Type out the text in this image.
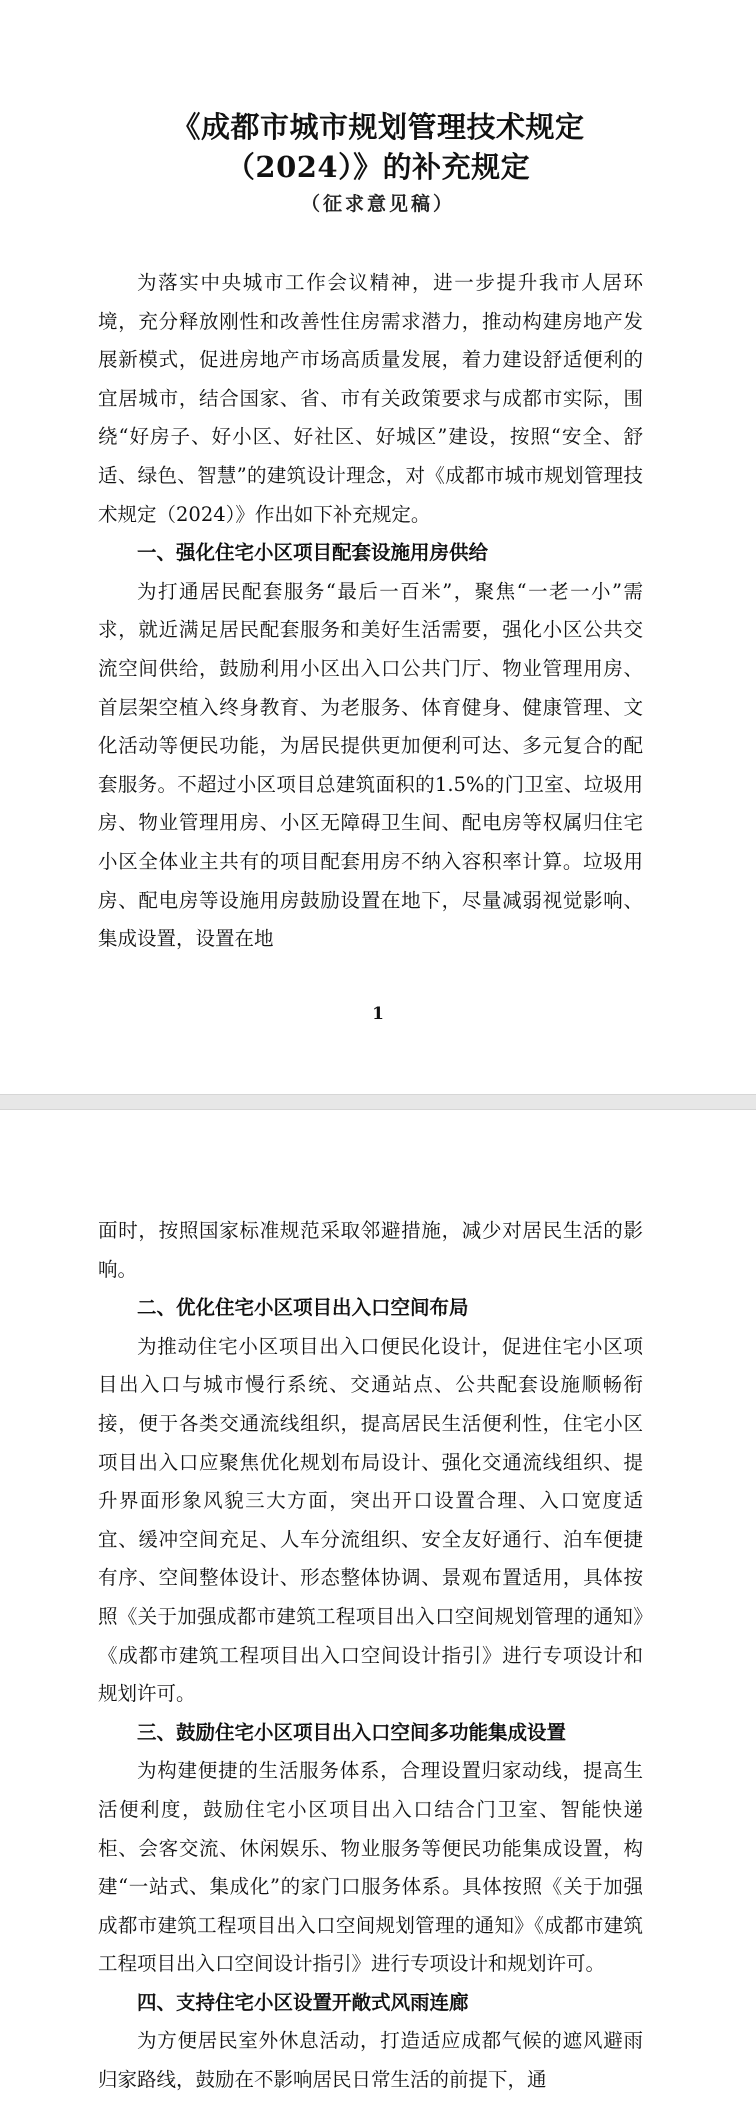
《成都市城市规划管理技术规定
（2024）》的补充规定
（征求意见稿）

为落实中央城市工作会议精神，进一步提升我市人居环境，充分释放刚性和改善性住房需求潜力，推动构建房地产发展新模式，促进房地产市场高质量发展，着力建设舒适便利的宜居城市，结合国家、省、市有关政策要求与成都市实际，围绕“好房子、好小区、好社区、好城区”建设，按照“安全、舒适、绿色、智慧”的建筑设计理念，对《成都市城市规划管理技术规定（2024）》作出如下补充规定。

一、强化住宅小区项目配套设施用房供给

为打通居民配套服务“最后一百米”，聚焦“一老一小”需求，就近满足居民配套服务和美好生活需要，强化小区公共交流空间供给，鼓励利用小区出入口公共门厅、物业管理用房、首层架空植入终身教育、为老服务、体育健身、健康管理、文化活动等便民功能，为居民提供更加便利可达、多元复合的配套服务。不超过小区项目总建筑面积的1.5%的门卫室、垃圾用房、物业管理用房、小区无障碍卫生间、配电房等权属归住宅小区全体业主共有的项目配套用房不纳入容积率计算。垃圾用房、配电房等设施用房鼓励设置在地下，尽量减弱视觉影响、集成设置，设置在地

1

面时，按照国家标准规范采取邻避措施，减少对居民生活的影响。

二、优化住宅小区项目出入口空间布局

为推动住宅小区项目出入口便民化设计，促进住宅小区项目出入口与城市慢行系统、交通站点、公共配套设施顺畅衔接，便于各类交通流线组织，提高居民生活便利性，住宅小区项目出入口应聚焦优化规划布局设计、强化交通流线组织、提升界面形象风貌三大方面，突出开口设置合理、入口宽度适宜、缓冲空间充足、人车分流组织、安全友好通行、泊车便捷有序、空间整体设计、形态整体协调、景观布置适用，具体按照《关于加强成都市建筑工程项目出入口空间规划管理的通知》《成都市建筑工程项目出入口空间设计指引》进行专项设计和规划许可。

三、鼓励住宅小区项目出入口空间多功能集成设置

为构建便捷的生活服务体系，合理设置归家动线，提高生活便利度，鼓励住宅小区项目出入口结合门卫室、智能快递柜、会客交流、休闲娱乐、物业服务等便民功能集成设置，构建“一站式、集成化”的家门口服务体系。具体按照《关于加强成都市建筑工程项目出入口空间规划管理的通知》《成都市建筑工程项目出入口空间设计指引》进行专项设计和规划许可。

四、支持住宅小区设置开敞式风雨连廊

为方便居民室外休息活动，打造适应成都气候的遮风避雨归家路线，鼓励在不影响居民日常生活的前提下，通
